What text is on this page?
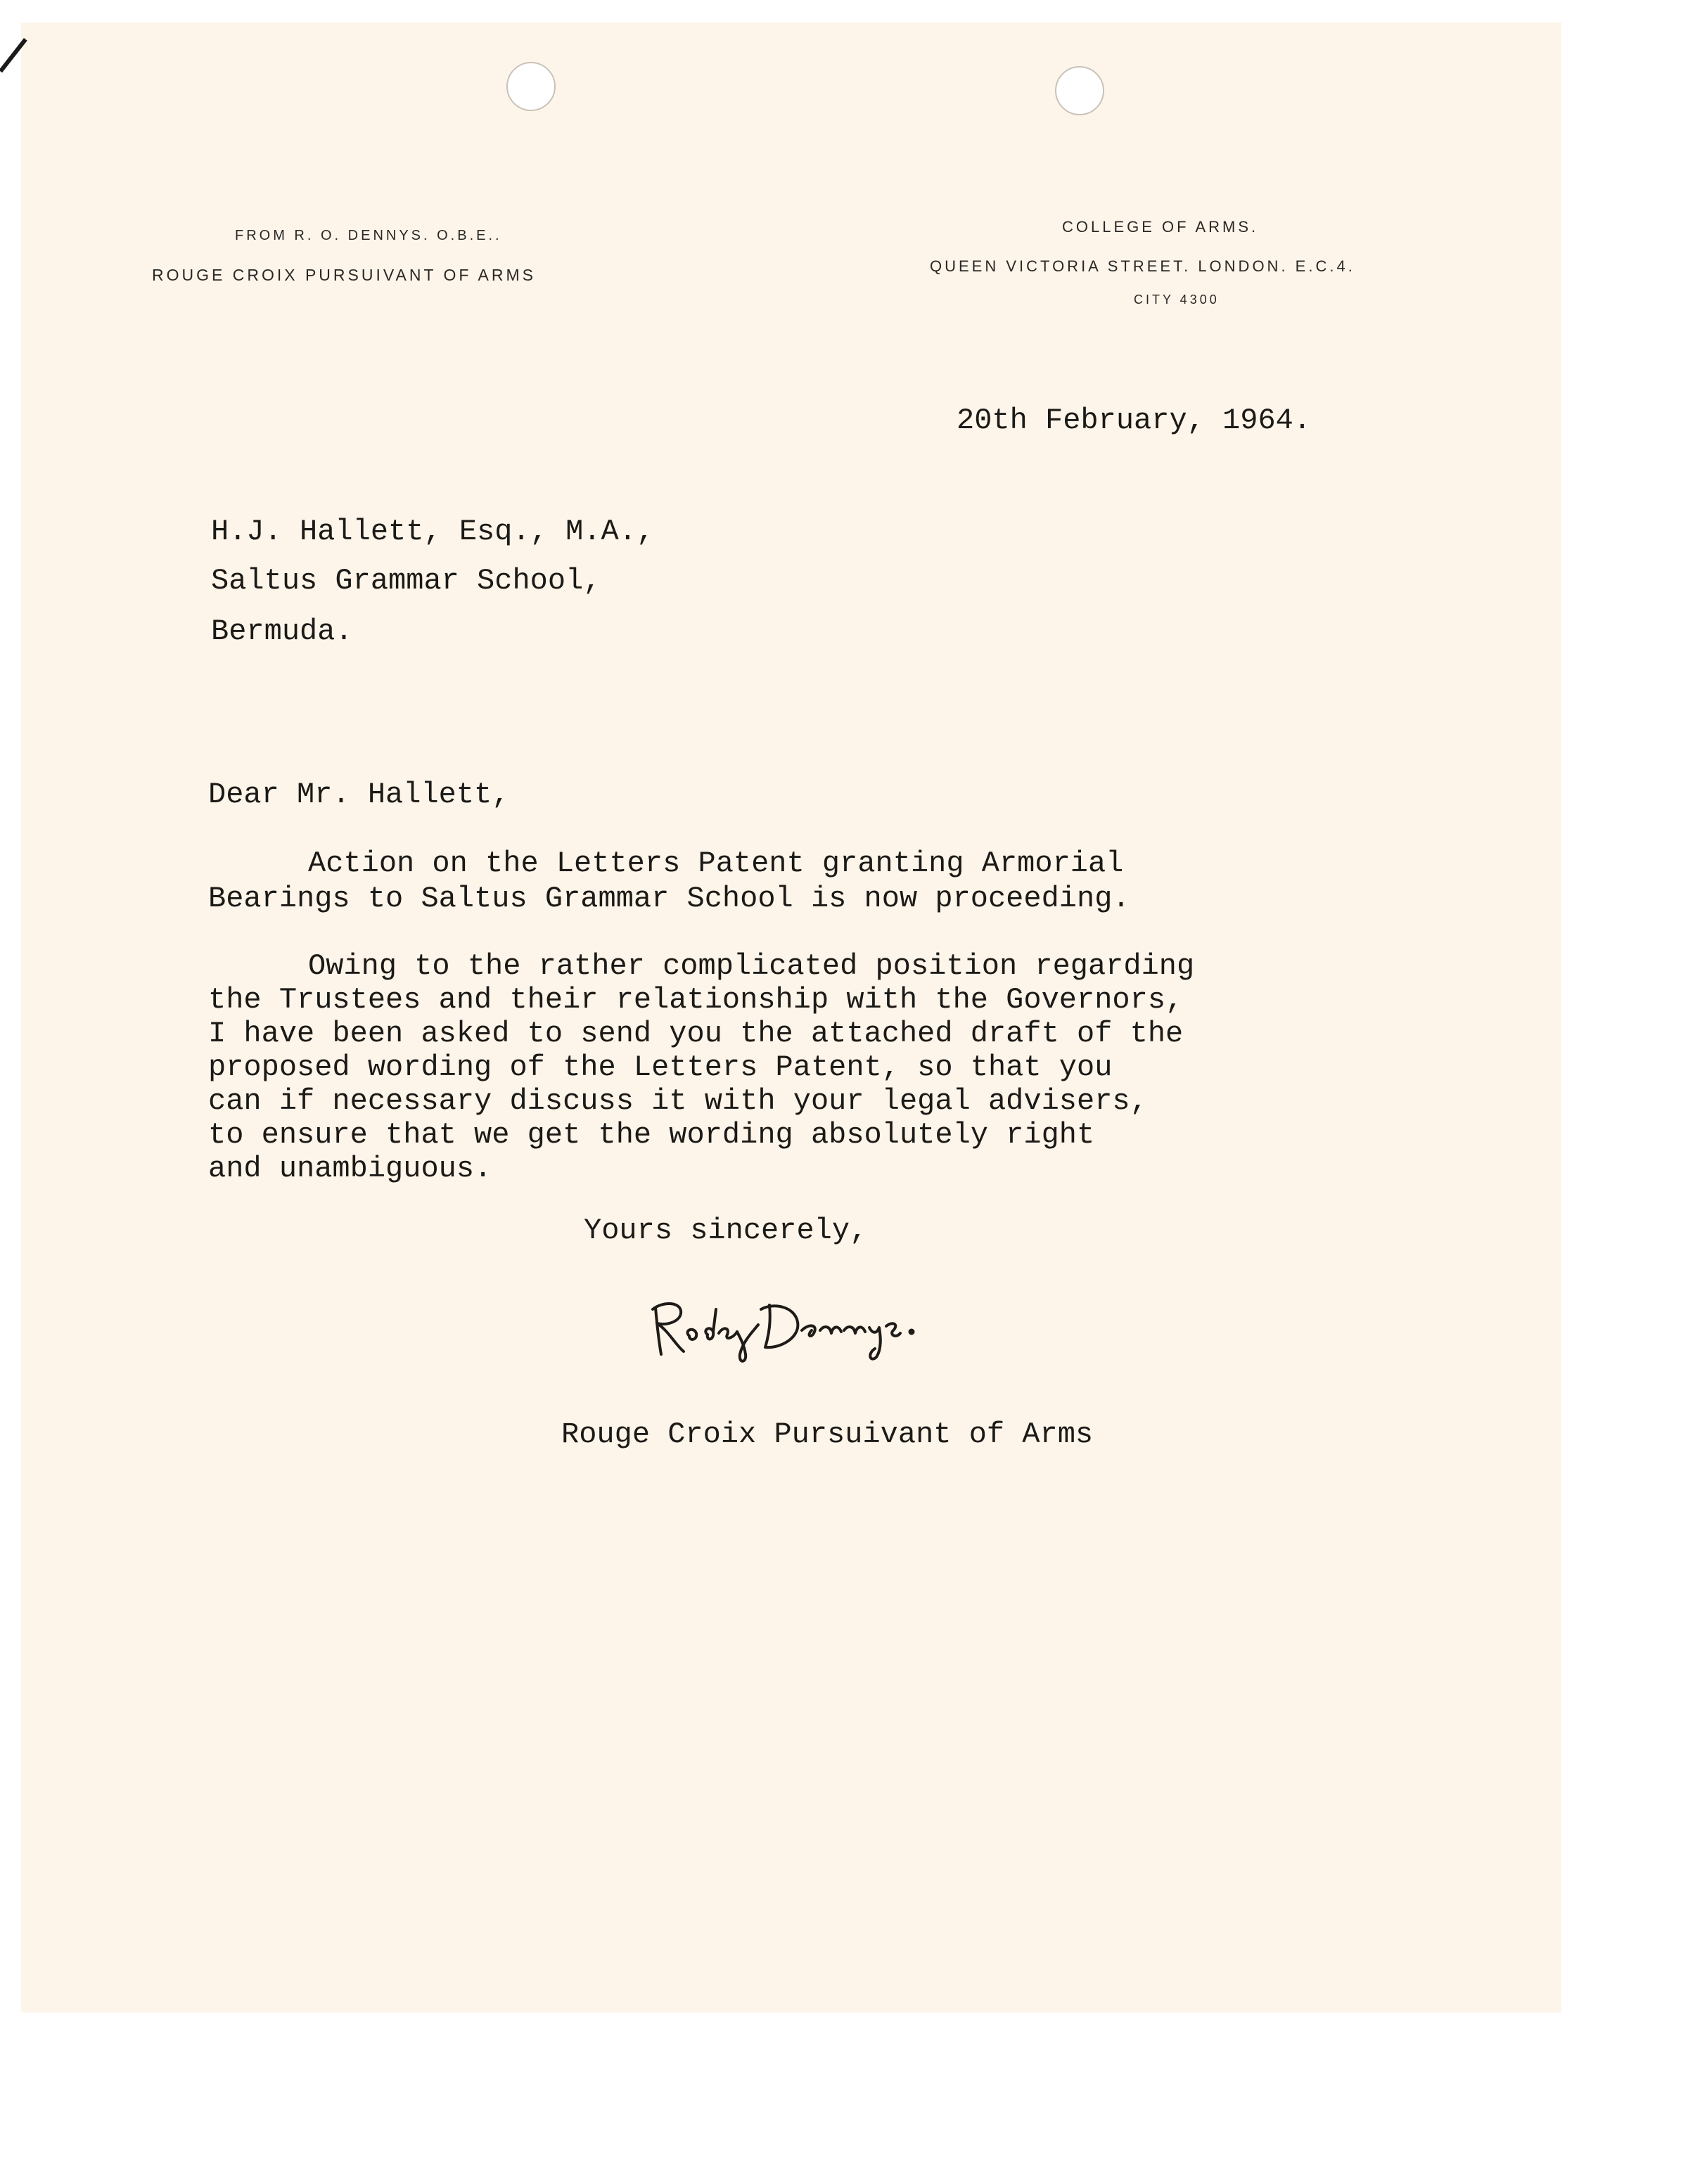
FROM R. O. DENNYS. O.B.E..
ROUGE CROIX PURSUIVANT OF ARMS
COLLEGE OF ARMS.
QUEEN VICTORIA STREET. LONDON. E.C.4.
CITY 4300
20th February, 1964.
H.J. Hallett, Esq., M.A.,
Saltus Grammar School,
Bermuda.
Dear Mr. Hallett,
Action on the Letters Patent granting Armorial
Bearings to Saltus Grammar School is now proceeding.
Owing to the rather complicated position regarding
the Trustees and their relationship with the Governors,
I have been asked to send you the attached draft of the
proposed wording of the Letters Patent, so that you
can if necessary discuss it with your legal advisers,
to ensure that we get the wording absolutely right
and unambiguous.
Yours sincerely,
Rouge Croix Pursuivant of Arms
